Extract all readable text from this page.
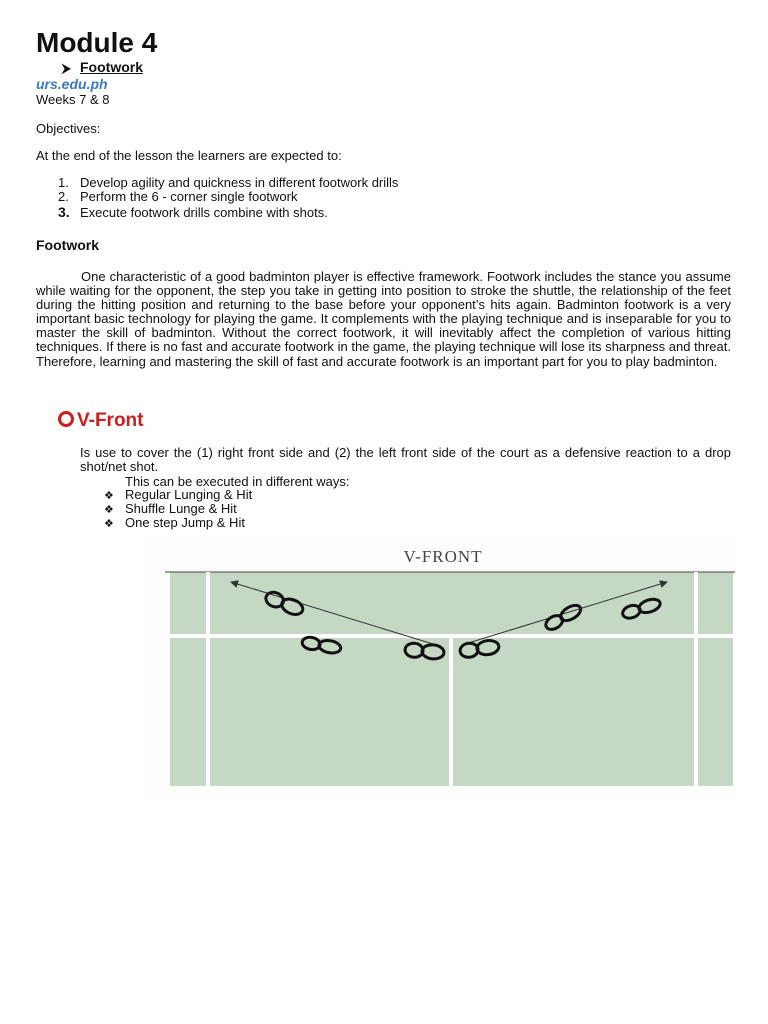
Module 4
⮞ Footwork
urs.edu.ph
Weeks 7 & 8
Objectives:
At the end of the lesson the learners are expected to:
1. Develop agility and quickness in different footwork drills
2. Perform the 6 - corner single footwork
3. Execute footwork drills combine with shots.
Footwork
One characteristic of a good badminton player is effective framework. Footwork includes the stance you assume while waiting for the opponent, the step you take in getting into position to stroke the shuttle, the relationship of the feet during the hitting position and returning to the base before your opponent’s hits again. Badminton footwork is a very important basic technology for playing the game. It complements with the playing technique and is inseparable for you to master the skill of badminton. Without the correct footwork, it will inevitably affect the completion of various hitting techniques. If there is no fast and accurate footwork in the game, the playing technique will lose its sharpness and threat. Therefore, learning and mastering the skill of fast and accurate footwork is an important part for you to play badminton.
V-Front
Is use to cover the (1) right front side and (2) the left front side of the court as a defensive reaction to a drop shot/net shot.
This can be executed in different ways:
❖ Regular Lunging & Hit
❖ Shuffle Lunge & Hit
❖ One step Jump & Hit
V-FRONT
